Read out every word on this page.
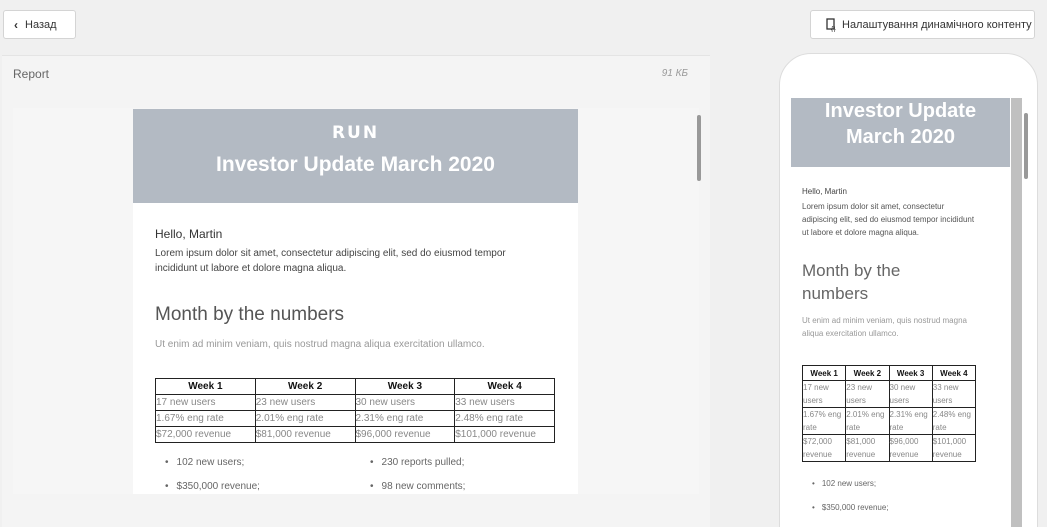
‹ Назад	{} Налаштування динамічного контенту
Report	91 КБ
RUN
Investor Update March 2020
Hello, Martin
Lorem ipsum dolor sit amet, consectetur adipiscing elit, sed do eiusmod tempor incididunt ut labore et dolore magna aliqua.
Month by the numbers
Ut enim ad minim veniam, quis nostrud magna aliqua exercitation ullamco.
Week 1	Week 2	Week 3	Week 4
17 new users	23 new users	30 new users	33 new users
1.67% eng rate	2.01% eng rate	2.31% eng rate	2.48% eng rate
$72,000 revenue	$81,000 revenue	$96,000 revenue	$101,000 revenue
• 102 new users;	• 230 reports pulled;
• $350,000 revenue;	• 98 new comments;
Investor Update
March 2020
Hello, Martin
Lorem ipsum dolor sit amet, consectetur adipiscing elit, sed do eiusmod tempor incididunt ut labore et dolore magna aliqua.
Month by the numbers
Ut enim ad minim veniam, quis nostrud magna aliqua exercitation ullamco.
Week 1	Week 2	Week 3	Week 4
17 new users	23 new users	30 new users	33 new users
1.67% eng rate	2.01% eng rate	2.31% eng rate	2.48% eng rate
$72,000 revenue	$81,000 revenue	$96,000 revenue	$101,000 revenue
• 102 new users;
• $350,000 revenue;
